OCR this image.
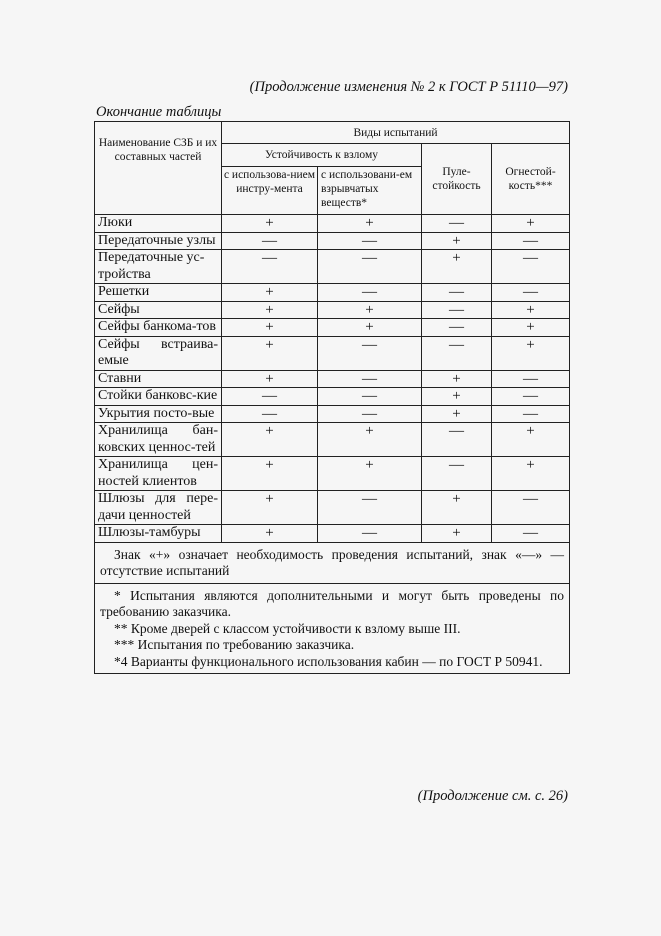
(Продолжение изменения № 2 к ГОСТ Р 51110—97)
Окончание таблицы
Наименование СЗБ и их составных частей	Виды испытаний			
	Устойчивость к взлому		Пуле-стойкость	Огнестой-кость***
	с использова-нием инстру-мента	с использовани-ем взрывчатых веществ*		
Люки	+	+	—	+
Передаточные узлы	—	—	+	—
Передаточные ус-тройства	—	—	+	—
Решетки	+	—	—	—
Сейфы	+	+	—	+
Сейфы банкома-тов	+	+	—	+
Сейфы встраива-емые	+	—	—	+
Ставни	+	—	+	—
Стойки банковс-кие	—	—	+	—
Укрытия посто-вые	—	—	+	—
Хранилища бан-ковских ценнос-тей	+	+	—	+
Хранилища цен-ностей клиентов	+	+	—	+
Шлюзы для пере-дачи ценностей	+	—	+	—
Шлюзы-тамбуры	+	—	+	—

Знак «+» означает необходимость проведения испытаний, знак «—» — отсутствие испытаний				

* Испытания являются дополнительными и могут быть проведены по требованию заказчика.

** Кроме дверей с классом устойчивости к взлому выше III.

*** Испытания по требованию заказчика.

*4 Варианты функционального использования кабин — по ГОСТ Р 50941.				

(Продолжение см. с. 26)
